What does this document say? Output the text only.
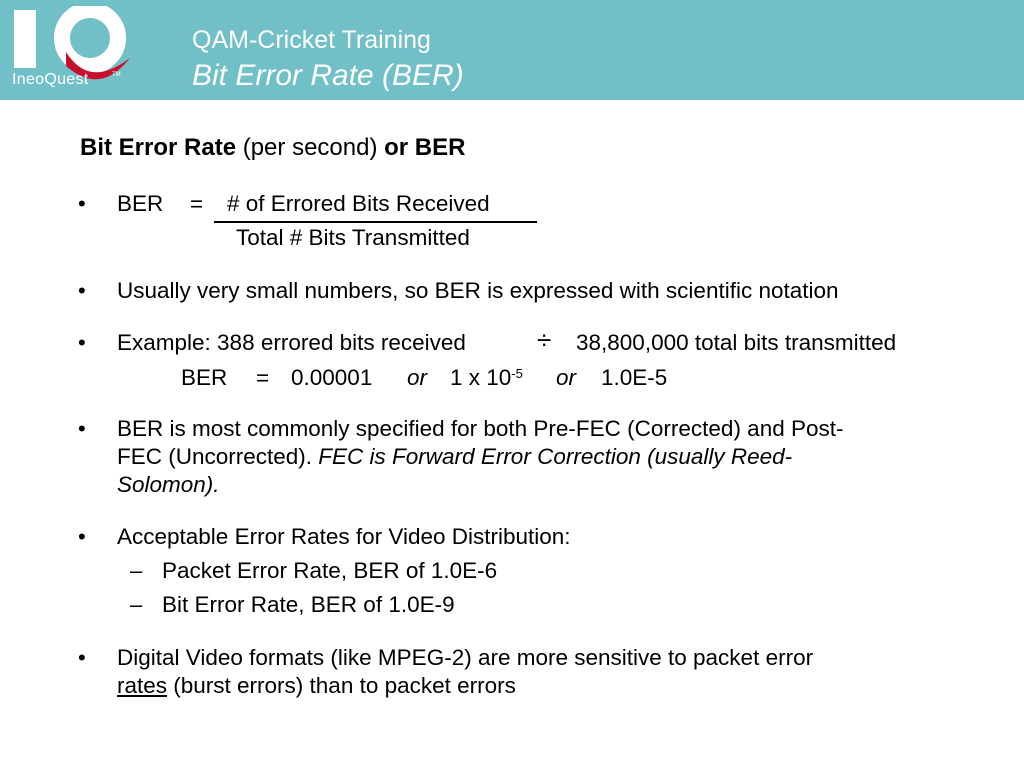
IneoQuest	TM
QAM-Cricket Training
Bit Error Rate (BER)
Bit Error Rate (per second) or BER
• BER = # of Errored Bits Received
Total # Bits Transmitted
• Usually very small numbers, so BER is expressed with scientific notation
• Example: 388 errored bits received	÷ 38,800,000 total bits transmitted
BER = 0.00001 or 1 x $10^{-5}$ or 1.0E-5
• BER is most commonly specified for both Pre-FEC (Corrected) and Post-
FEC (Uncorrected). FEC is Forward Error Correction (usually Reed-
Solomon).
• Acceptable Error Rates for Video Distribution:
– Packet Error Rate, BER of 1.0E-6
– Bit Error Rate, BER of 1.0E-9
• Digital Video formats (like MPEG-2) are more sensitive to packet error
rates (burst errors) than to packet errors
